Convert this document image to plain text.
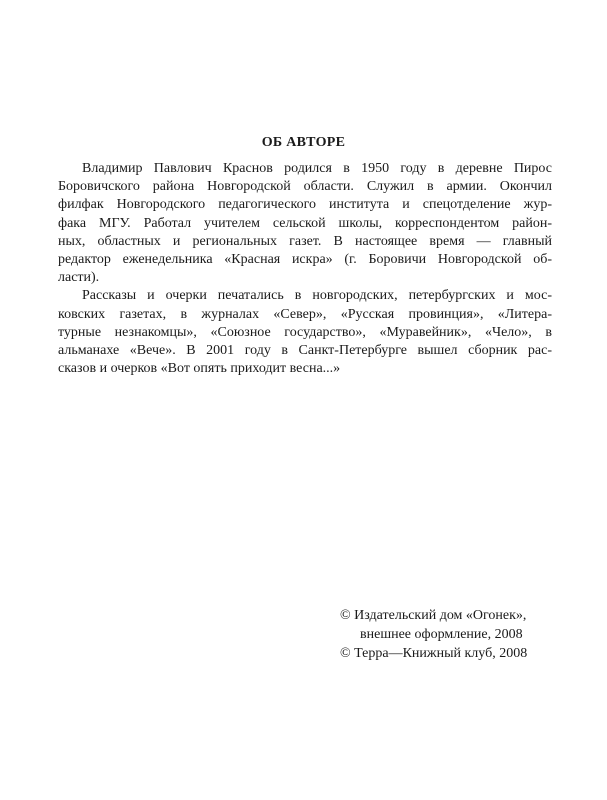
ОБ АВТОРЕ

Владимир Павлович Краснов родился в 1950 году в деревне Пирос
Боровичского района Новгородской области. Служил в армии. Окончил
филфак Новгородского педагогического института и спецотделение жур-
фака МГУ. Работал учителем сельской школы, корреспондентом район-
ных, областных и региональных газет. В настоящее время — главный
редактор еженедельника «Красная искра» (г. Боровичи Новгородской об-
ласти).

Рассказы и очерки печатались в новгородских, петербургских и мос-
ковских газетах, в журналах «Север», «Русская провинция», «Литера-
турные незнакомцы», «Союзное государство», «Муравейник», «Чело», в
альманахе «Вече». В 2001 году в Санкт-Петербурге вышел сборник рас-
сказов и очерков «Вот опять приходит весна...»

© Издательский дом «Огонек»,
внешнее оформление, 2008
© Терра—Книжный клуб, 2008
